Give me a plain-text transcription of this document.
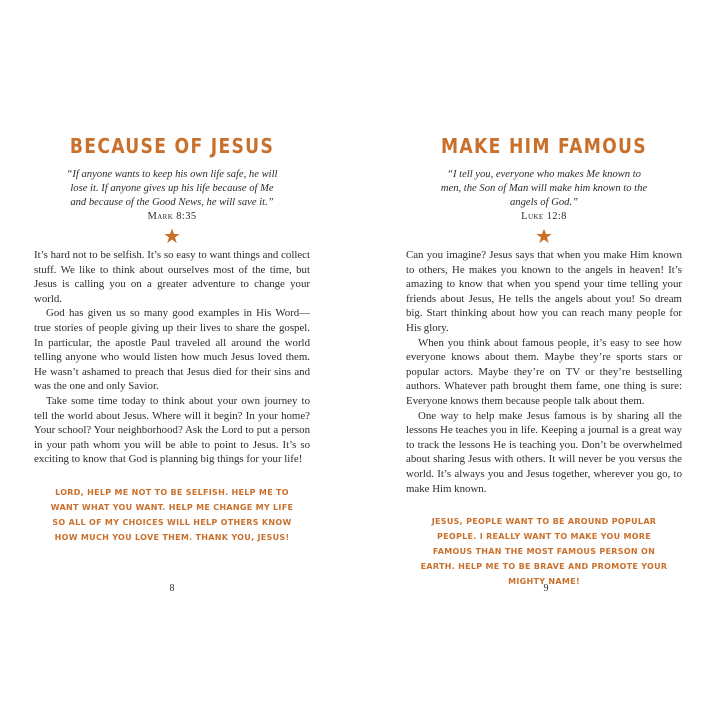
BECAUSE OF JESUS

“If anyone wants to keep his own life safe, he will lose it. If anyone gives up his life because of Me and because of the Good News, he will save it.”

Mark 8:35

It’s hard not to be selfish. It’s so easy to want things and collect stuff. We like to think about ourselves most of the time, but Jesus is calling you on a greater adventure to change your world.

God has given us so many good examples in His Word—true stories of people giving up their lives to share the gospel. In particular, the apostle Paul traveled all around the world telling anyone who would listen how much Jesus loved them. He wasn’t ashamed to preach that Jesus died for their sins and was the one and only Savior.

Take some time today to think about your own journey to tell the world about Jesus. Where will it begin? In your home? Your school? Your neighborhood? Ask the Lord to put a person in your path whom you will be able to point to Jesus. It’s so exciting to know that God is planning big things for your life!

LORD, HELP ME NOT TO BE SELFISH. HELP ME TO WANT WHAT YOU WANT. HELP ME CHANGE MY LIFE SO ALL OF MY CHOICES WILL HELP OTHERS KNOW HOW MUCH YOU LOVE THEM. THANK YOU, JESUS!
8
MAKE HIM FAMOUS

“I tell you, everyone who makes Me known to men, the Son of Man will make him known to the angels of God.”

Luke 12:8

Can you imagine? Jesus says that when you make Him known to others, He makes you known to the angels in heaven! It’s amazing to know that when you spend your time telling your friends about Jesus, He tells the angels about you! So dream big. Start thinking about how you can reach many people for His glory.

When you think about famous people, it’s easy to see how everyone knows about them. Maybe they’re sports stars or popular actors. Maybe they’re on TV or they’re bestselling authors. Whatever path brought them fame, one thing is sure: Everyone knows them because people talk about them.

One way to help make Jesus famous is by sharing all the lessons He teaches you in life. Keeping a journal is a great way to track the lessons He is teaching you. Don’t be overwhelmed about sharing Jesus with others. It will never be you versus the world. It’s always you and Jesus together, wherever you go, to make Him known.

JESUS, PEOPLE WANT TO BE AROUND POPULAR PEOPLE. I REALLY WANT TO MAKE YOU MORE FAMOUS THAN THE MOST FAMOUS PERSON ON EARTH. HELP ME TO BE BRAVE AND PROMOTE YOUR MIGHTY NAME!
9
